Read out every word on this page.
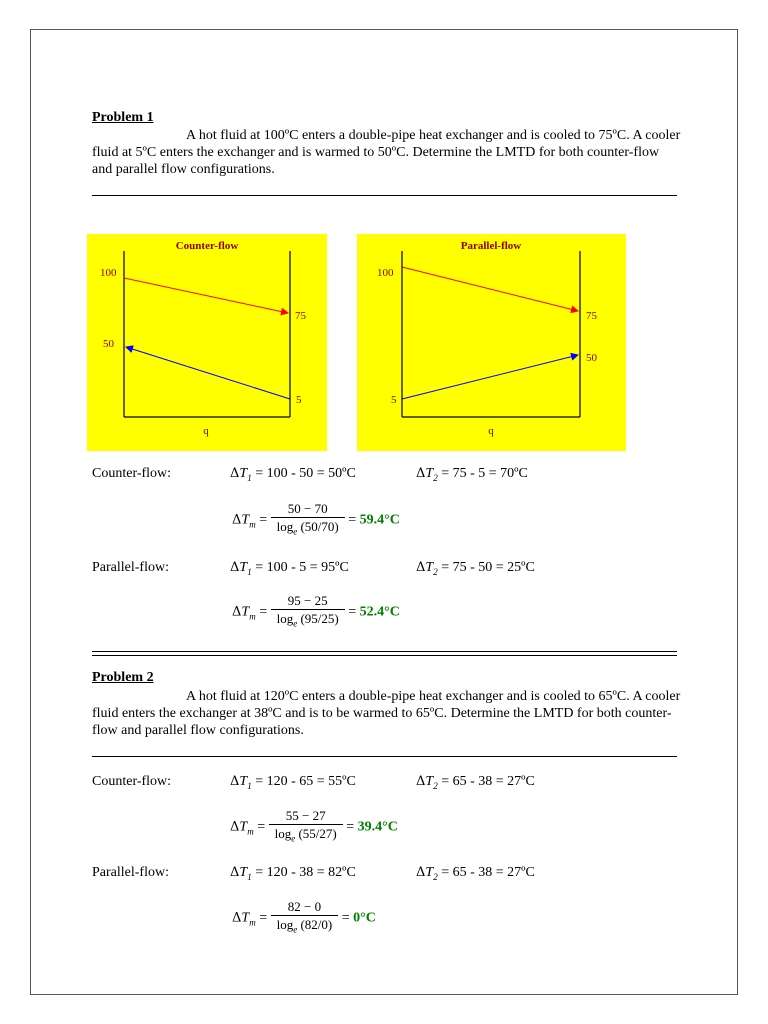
Problem 1
A hot fluid at 100ºC enters a double-pipe heat exchanger and is cooled to 75ºC. A cooler fluid at 5ºC enters the exchanger and is warmed to 50ºC. Determine the LMTD for both counter-flow and parallel flow configurations.
Counter-flow
100
75
50
5
q
Parallel-flow
100
75
5
50
q
Counter-flow:	$\Delta T_1 = 100 - 50$ = 50ºC	$\Delta T_2 = 75 - 5$ = 70ºC
$\Delta T_m = \frac{50 - 70}{\log_e (50/70)} = 59.4^\circ C$
Parallel-flow:	$\Delta T_1 = 100 - 5$ = 95ºC	$\Delta T_2 = 75 - 50$ = 25ºC
$\Delta T_m = \frac{95 - 25}{\log_e (95/25)} = 52.4^\circ C$
Problem 2
A hot fluid at 120ºC enters a double-pipe heat exchanger and is cooled to 65ºC. A cooler fluid enters the exchanger at 38ºC and is to be warmed to 65ºC. Determine the LMTD for both counter-flow and parallel flow configurations.
Counter-flow:	$\Delta T_1 = 120 - 65$ = 55ºC	$\Delta T_2 = 65 - 38$ = 27ºC
$\Delta T_m = \frac{55 - 27}{\log_e (55/27)} = 39.4^\circ C$
Parallel-flow:	$\Delta T_1 = 120 - 38$ = 82ºC	$\Delta T_2 = 65 - 38$ = 27ºC
$\Delta T_m = \frac{82 - 0}{\log_e (82/0)} = 0^\circ C$
